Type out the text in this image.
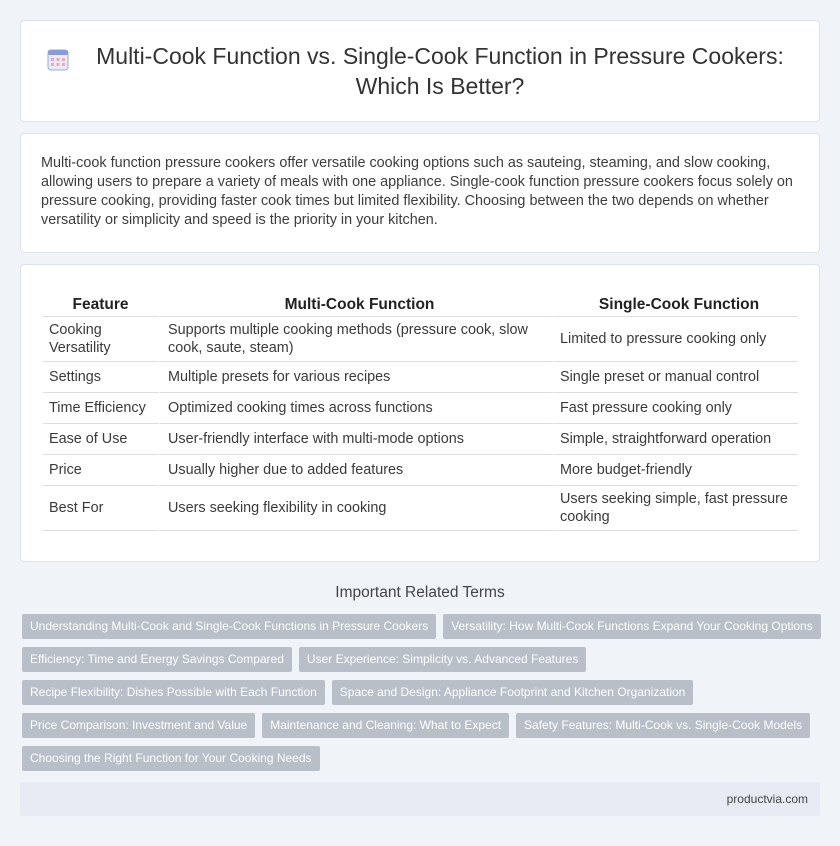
Multi-Cook Function vs. Single-Cook Function in Pressure Cookers: Which Is Better?

Multi-cook function pressure cookers offer versatile cooking options such as sauteing, steaming, and slow cooking, allowing users to prepare a variety of meals with one appliance. Single-cook function pressure cookers focus solely on pressure cooking, providing faster cook times but limited flexibility. Choosing between the two depends on whether versatility or simplicity and speed is the priority in your kitchen.

Feature	Multi-Cook Function	Single-Cook Function
Cooking Versatility	Supports multiple cooking methods (pressure cook, slow cook, saute, steam)	Limited to pressure cooking only
Settings	Multiple presets for various recipes	Single preset or manual control
Time Efficiency	Optimized cooking times across functions	Fast pressure cooking only
Ease of Use	User-friendly interface with multi-mode options	Simple, straightforward operation
Price	Usually higher due to added features	More budget-friendly
Best For	Users seeking flexibility in cooking	Users seeking simple, fast pressure cooking
Important Related Terms
Understanding Multi-Cook and Single-Cook Functions in Pressure Cookers	Versatility: How Multi-Cook Functions Expand Your Cooking Options
Efficiency: Time and Energy Savings Compared	User Experience: Simplicity vs. Advanced Features
Recipe Flexibility: Dishes Possible with Each Function	Space and Design: Appliance Footprint and Kitchen Organization
Price Comparison: Investment and Value	Maintenance and Cleaning: What to Expect	Safety Features: Multi-Cook vs. Single-Cook Models
Choosing the Right Function for Your Cooking Needs
productvia.com
